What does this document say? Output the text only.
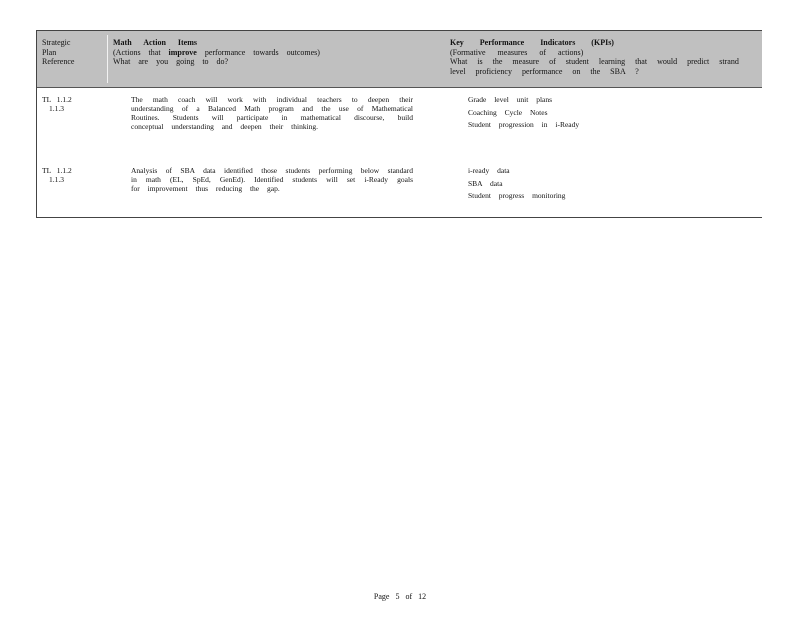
Strategic
Plan
Reference
Math Action Items
(Actions that improve performance towards outcomes)
What are you going to do?
Key Performance Indicators (KPIs)
(Formative measures of actions)
What is the measure of student learning that would predict strand level proficiency performance on the SBA ?
TL 1.1.2
1.1.3
The math coach will work with individual teachers to deepen their understanding of a Balanced Math program and the use of Mathematical Routines. Students will participate in mathematical discourse, build conceptual understanding and deepen their thinking.
Grade level unit plans
Coaching Cycle Notes
Student progression in i-Ready
TL 1.1.2
1.1.3
Analysis of SBA data identified those students performing below standard in math (EL, SpEd, GenEd). Identified students will set i-Ready goals for improvement thus reducing the gap.
i-ready data
SBA data
Student progress monitoring
Page 5 of 12
